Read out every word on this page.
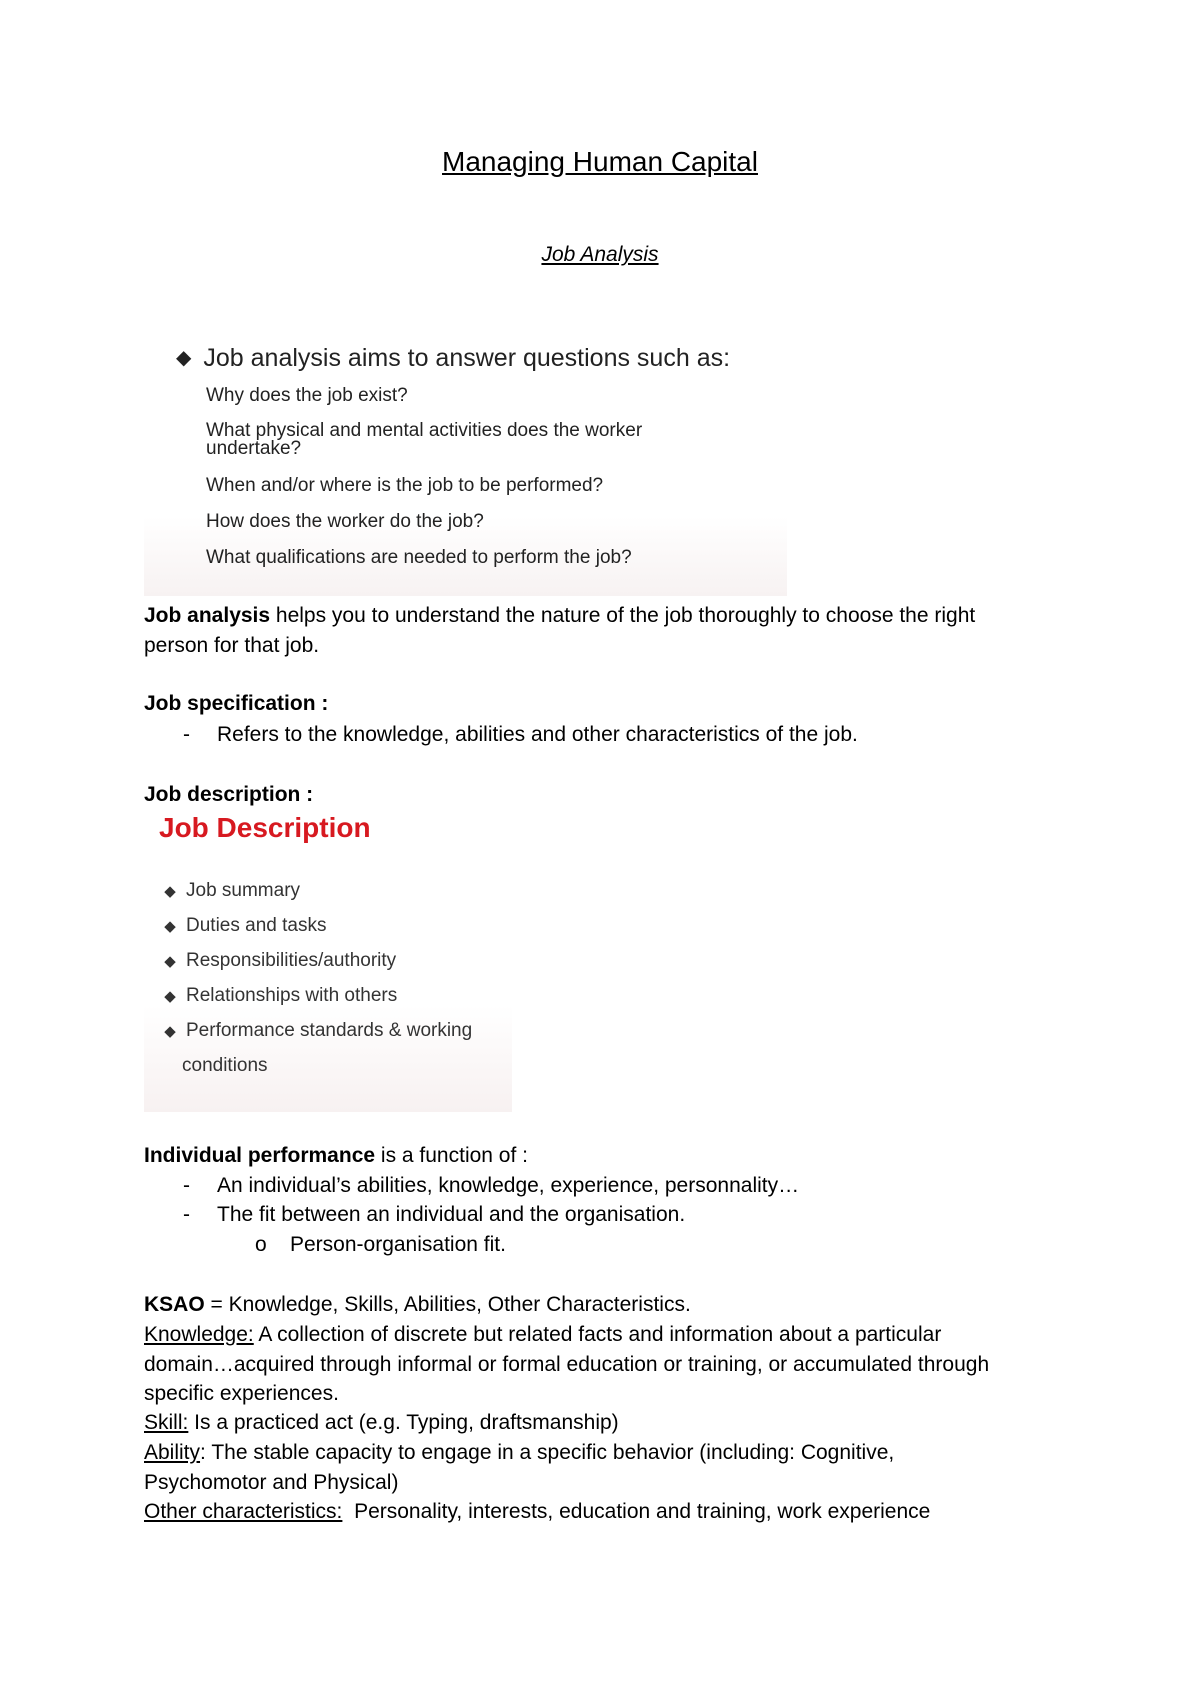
Managing Human Capital
Job Analysis
◆ Job analysis aims to answer questions such as:
Why does the job exist?
What physical and mental activities does the worker
undertake?
When and/or where is the job to be performed?
How does the worker do the job?
What qualifications are needed to perform the job?
Job analysis helps you to understand the nature of the job thoroughly to choose the right
person for that job.
Job specification :
- Refers to the knowledge, abilities and other characteristics of the job.
Job description :
Job Description
◆ Job summary
◆ Duties and tasks
◆ Responsibilities/authority
◆ Relationships with others
◆ Performance standards & working
conditions
Individual performance is a function of :
- An individual’s abilities, knowledge, experience, personnality…
- The fit between an individual and the organisation.
o Person-organisation fit.
KSAO = Knowledge, Skills, Abilities, Other Characteristics.
Knowledge: A collection of discrete but related facts and information about a particular
domain…acquired through informal or formal education or training, or accumulated through
specific experiences.
Skill: Is a practiced act (e.g. Typing, draftsmanship)
Ability: The stable capacity to engage in a specific behavior (including: Cognitive,
Psychomotor and Physical)
Other characteristics:  Personality, interests, education and training, work experience
